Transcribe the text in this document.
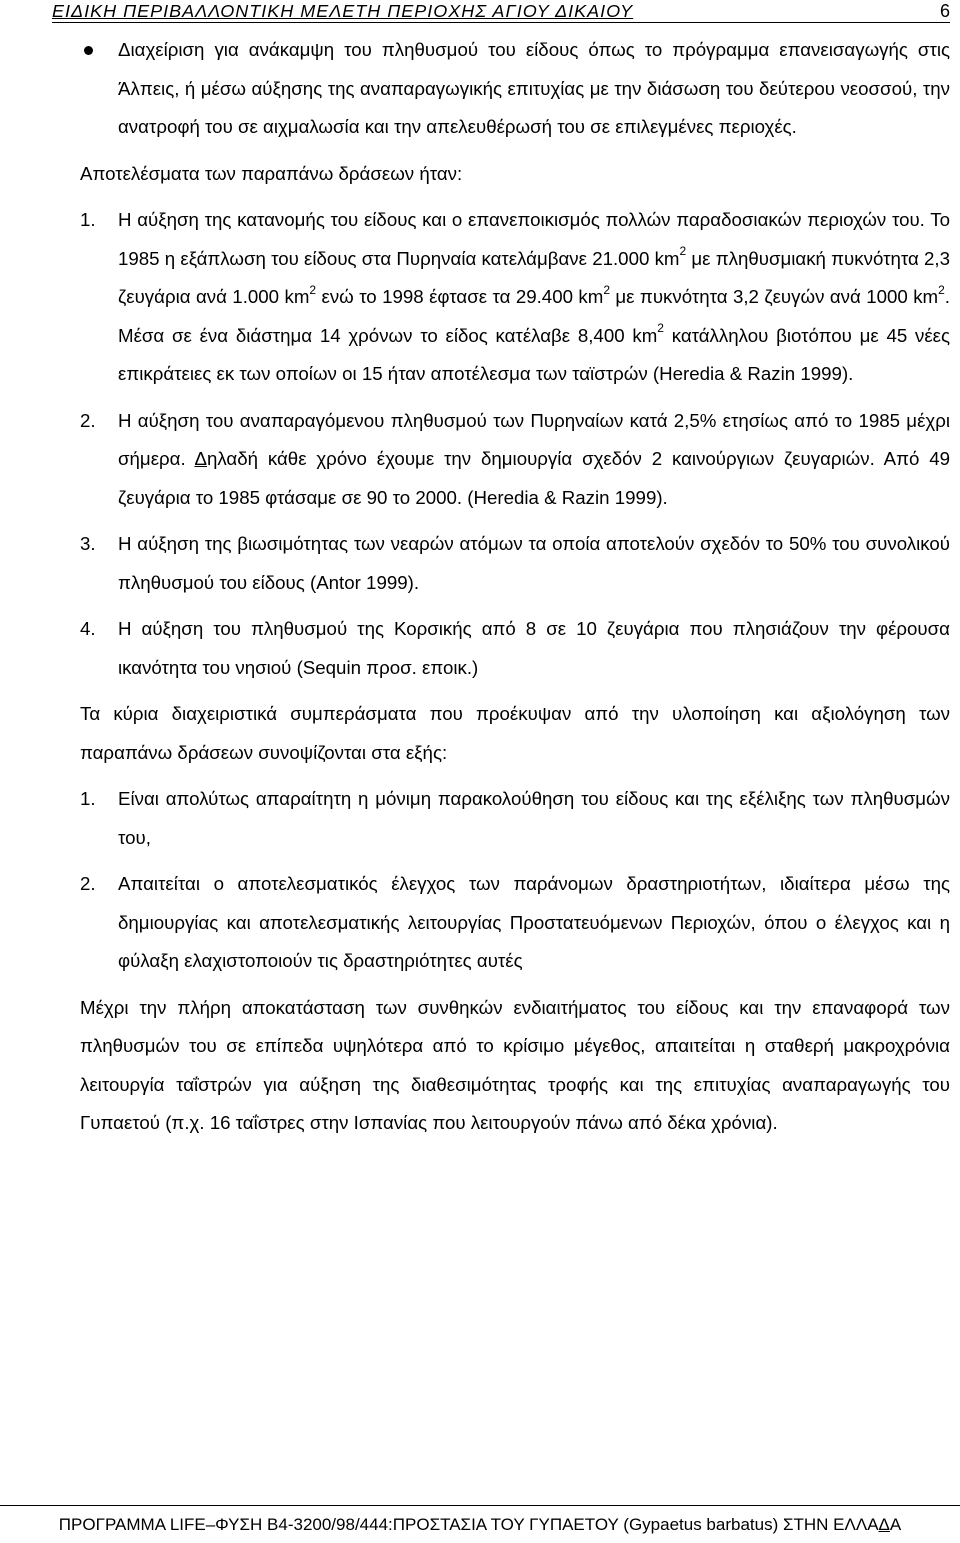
ΕΙΔΙΚΗ ΠΕΡΙΒΑΛΛΟΝΤΙΚΗ ΜΕΛΕΤΗ ΠΕΡΙΟΧΗΣ ΑΓΙΟΥ ΔΙΚΑΙΟΥ	6

Διαχείριση για ανάκαμψη του πληθυσμού του είδους όπως το πρόγραμμα επανεισαγωγής στις Άλπεις, ή μέσω αύξησης της αναπαραγωγικής επιτυχίας με την διάσωση του δεύτερου νεοσσού, την ανατροφή του σε αιχμαλωσία και την απελευθέρωσή του σε επιλεγμένες περιοχές.

Αποτελέσματα των παραπάνω δράσεων ήταν:

1. Η αύξηση της κατανομής του είδους και ο επανεποικισμός πολλών παραδοσιακών περιοχών του. Το 1985 η εξάπλωση του είδους στα Πυρηναία κατελάμβανε 21.000 $km^2$ με πληθυσμιακή πυκνότητα 2,3 ζευγάρια ανά 1.000 $km^2$ ενώ το 1998 έφτασε τα 29.400 $km^2$ με πυκνότητα 3,2 ζευγών ανά 1000 $km^2$. Μέσα σε ένα διάστημα 14 χρόνων το είδος κατέλαβε 8,400 $km^2$ κατάλληλου βιοτόπου με 45 νέες επικράτειες εκ των οποίων οι 15 ήταν αποτέλεσμα των ταϊστρών (Heredia & Razin 1999).

2. Η αύξηση του αναπαραγόμενου πληθυσμού των Πυρηναίων κατά 2,5% ετησίως από το 1985 μέχρι σήμερα. Δηλαδή κάθε χρόνο έχουμε την δημιουργία σχεδόν 2 καινούργιων ζευγαριών. Από 49 ζευγάρια το 1985 φτάσαμε σε 90 το 2000. (Heredia & Razin 1999).

3. Η αύξηση της βιωσιμότητας των νεαρών ατόμων τα οποία αποτελούν σχεδόν το 50% του συνολικού πληθυσμού του είδους (Antor 1999).

4. Η αύξηση του πληθυσμού της Κορσικής από 8 σε 10 ζευγάρια που πλησιάζουν την φέρουσα ικανότητα του νησιού (Sequin προσ. εποικ.)

Τα κύρια διαχειριστικά συμπεράσματα που προέκυψαν από την υλοποίηση και αξιολόγηση των παραπάνω δράσεων συνοψίζονται στα εξής:

1. Είναι απολύτως απαραίτητη η μόνιμη παρακολούθηση του είδους και της εξέλιξης των πληθυσμών του,

2. Απαιτείται ο αποτελεσματικός έλεγχος των παράνομων δραστηριοτήτων, ιδιαίτερα μέσω της δημιουργίας και αποτελεσματικής λειτουργίας Προστατευόμενων Περιοχών, όπου ο έλεγχος και η φύλαξη ελαχιστοποιούν τις δραστηριότητες αυτές

Μέχρι την πλήρη αποκατάσταση των συνθηκών ενδιαιτήματος του είδους και την επαναφορά των πληθυσμών του σε επίπεδα υψηλότερα από το κρίσιμο μέγεθος, απαιτείται η σταθερή μακροχρόνια λειτουργία ταΐστρών για αύξηση της διαθεσιμότητας τροφής και της επιτυχίας αναπαραγωγής του Γυπαετού (π.χ. 16 ταΐστρες στην Ισπανίας που λειτουργούν πάνω από δέκα χρόνια).

ΠΡΟΓΡΑΜΜΑ LIFE–ΦΥΣΗ B4-3200/98/444:ΠΡΟΣΤΑΣΙΑ ΤΟΥ ΓΥΠΑΕΤΟΥ (Gypaetus barbatus) ΣΤΗΝ ΕΛΛΑΔΑ
